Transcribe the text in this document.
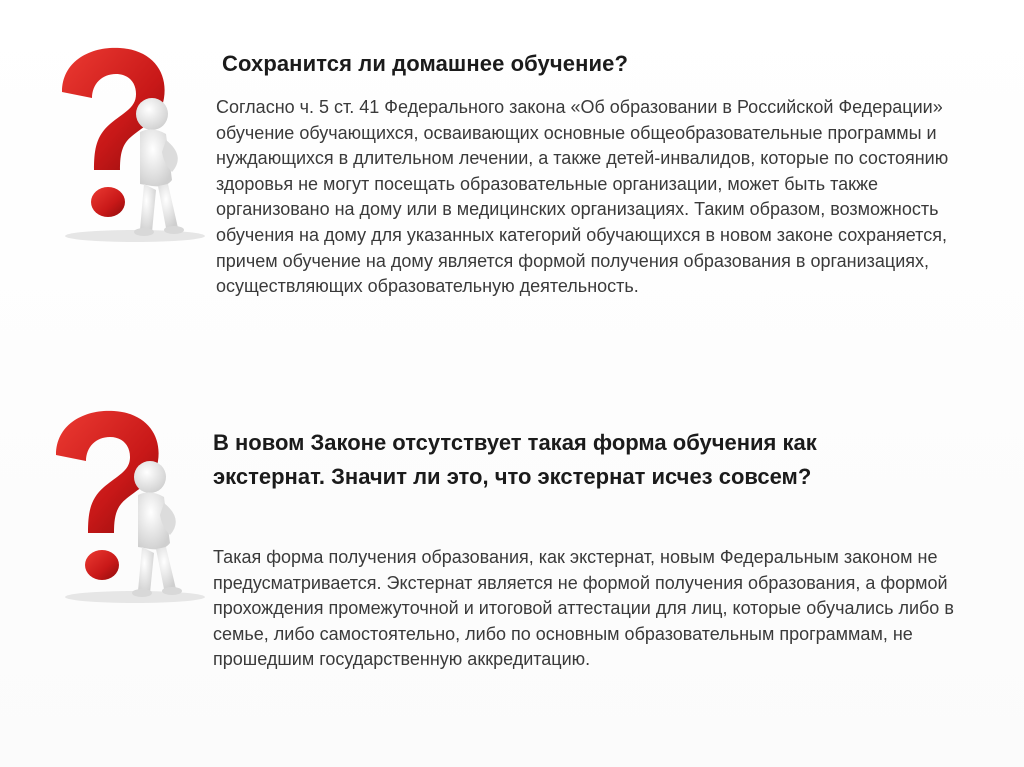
Сохранится ли домашнее обучение?
Согласно ч. 5 ст. 41 Федерального закона «Об образовании в Российской Федерации» обучение обучающихся, осваивающих основные общеобразовательные программы и нуждающихся в длительном лечении, а также детей-инвалидов, которые по состоянию здоровья не могут посещать образовательные организации, может быть также организовано на дому или в медицинских организациях. Таким образом, возможность обучения на дому для указанных категорий обучающихся в новом законе сохраняется, причем обучение на дому является формой получения образования в организациях, осуществляющих образовательную деятельность.
В новом Законе отсутствует такая форма обучения как экстернат. Значит ли это, что экстернат исчез совсем?
Такая форма получения образования, как экстернат, новым Федеральным законом не предусматривается. Экстернат является не формой получения образования, а формой прохождения промежуточной и итоговой аттестации для лиц, которые обучались либо в семье, либо самостоятельно, либо по основным образовательным программам, не прошедшим государственную аккредитацию.
